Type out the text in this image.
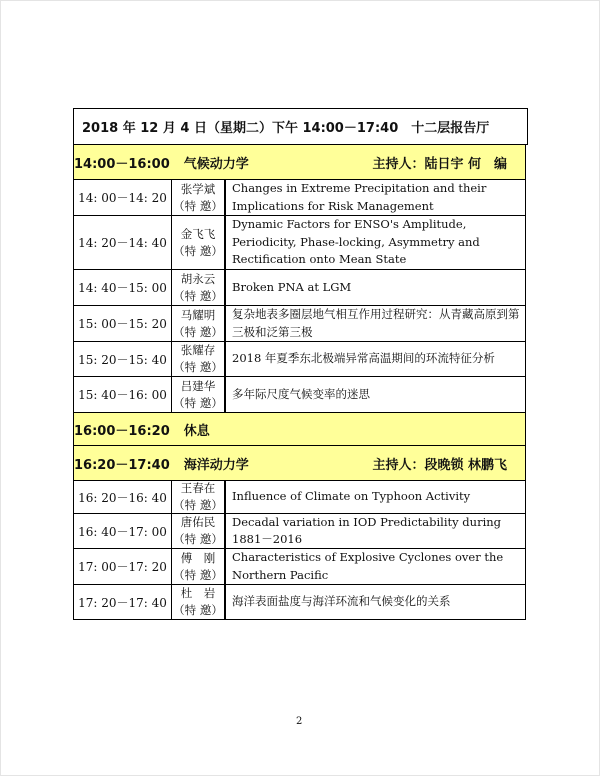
2018 年 12 月 4 日（星期二）下午 14:00－17:40　十二层报告厅
14:00－16:00 气候动力学	主持人：陆日宇 何　编
14: 00－14: 20
张学斌
（特 邀）
Changes in Extreme Precipitation and their Implications for Risk Management
14: 20－14: 40
金飞飞
（特 邀）
Dynamic Factors for ENSO's Amplitude, Periodicity, Phase-locking, Asymmetry and Rectification onto Mean State
14: 40－15: 00
胡永云
（特 邀）
Broken PNA at LGM
15: 00－15: 20
马耀明
（特 邀）
复杂地表多圈层地气相互作用过程研究：从青藏高原到第三极和泛第三极
15: 20－15: 40
张耀存
（特 邀）
2018 年夏季东北极端异常高温期间的环流特征分析
15: 40－16: 00
吕建华
（特 邀）
多年际尺度气候变率的迷思
16:00－16:20 休息
16:20－17:40 海洋动力学	主持人：段晚锁 林鹏飞
16: 20－16: 40
王春在
（特 邀）
Influence of Climate on Typhoon Activity
16: 40－17: 00
唐佑民
（特 邀）
Decadal variation in IOD Predictability during 1881－2016
17: 00－17: 20
傅　刚
（特 邀）
Characteristics of Explosive Cyclones over the Northern Pacific
17: 20－17: 40
杜　岩
（特 邀）
海洋表面盐度与海洋环流和气候变化的关系
2
